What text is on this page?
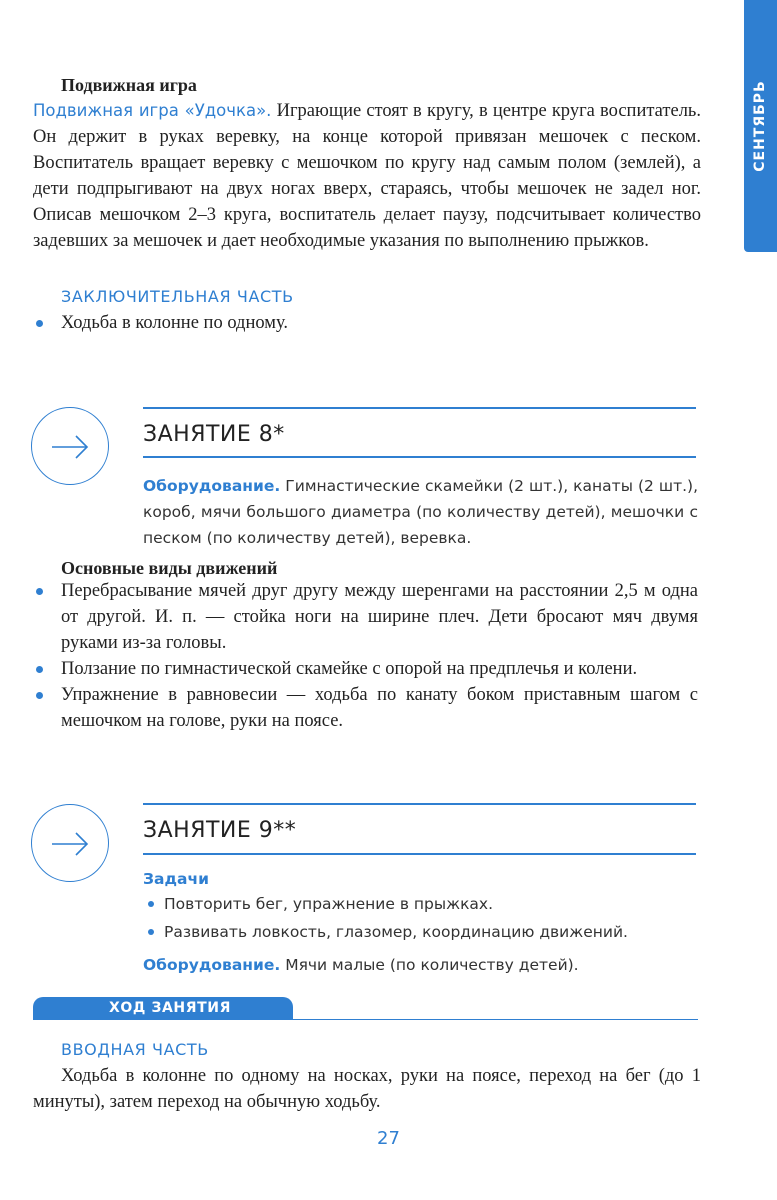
СЕНТЯБРЬ

Подвижная игра

Подвижная игра «Удочка». Играющие стоят в кругу, в центре круга воспитатель. Он держит в руках веревку, на конце которой привязан мешочек с песком. Воспитатель вращает веревку с мешочком по кругу над самым полом (землей), а дети подпрыгивают на двух ногах вверх, стараясь, чтобы мешочек не задел ног. Описав мешочком 2–3 круга, воспитатель делает паузу, подсчитывает количество задевших за мешочек и дает необходимые указания по выполнению прыжков.
ЗАКЛЮЧИТЕЛЬНАЯ ЧАСТЬ
Ходьба в колонне по одному.
ЗАНЯТИЕ 8*
Оборудование. Гимнастические скамейки (2 шт.), канаты (2 шт.), короб, мячи большого диаметра (по количеству детей), мешочки с песком (по количеству детей), веревка.
Основные виды движений
Перебрасывание мячей друг другу между шеренгами на расстоянии 2,5 м одна от другой. И. п. — стойка ноги на ширине плеч. Дети бросают мяч двумя руками из-за головы.
Ползание по гимнастической скамейке с опорой на предплечья и колени.
Упражнение в равновесии — ходьба по канату боком приставным шагом с мешочком на голове, руки на поясе.
ЗАНЯТИЕ 9**
Задачи
Повторить бег, упражнение в прыжках.
Развивать ловкость, глазомер, координацию движений.
Оборудование. Мячи малые (по количеству детей).
ХОД ЗАНЯТИЯ
ВВОДНАЯ ЧАСТЬ
Ходьба в колонне по одному на носках, руки на поясе, переход на бег (до 1 минуты), затем переход на обычную ходьбу.
27
